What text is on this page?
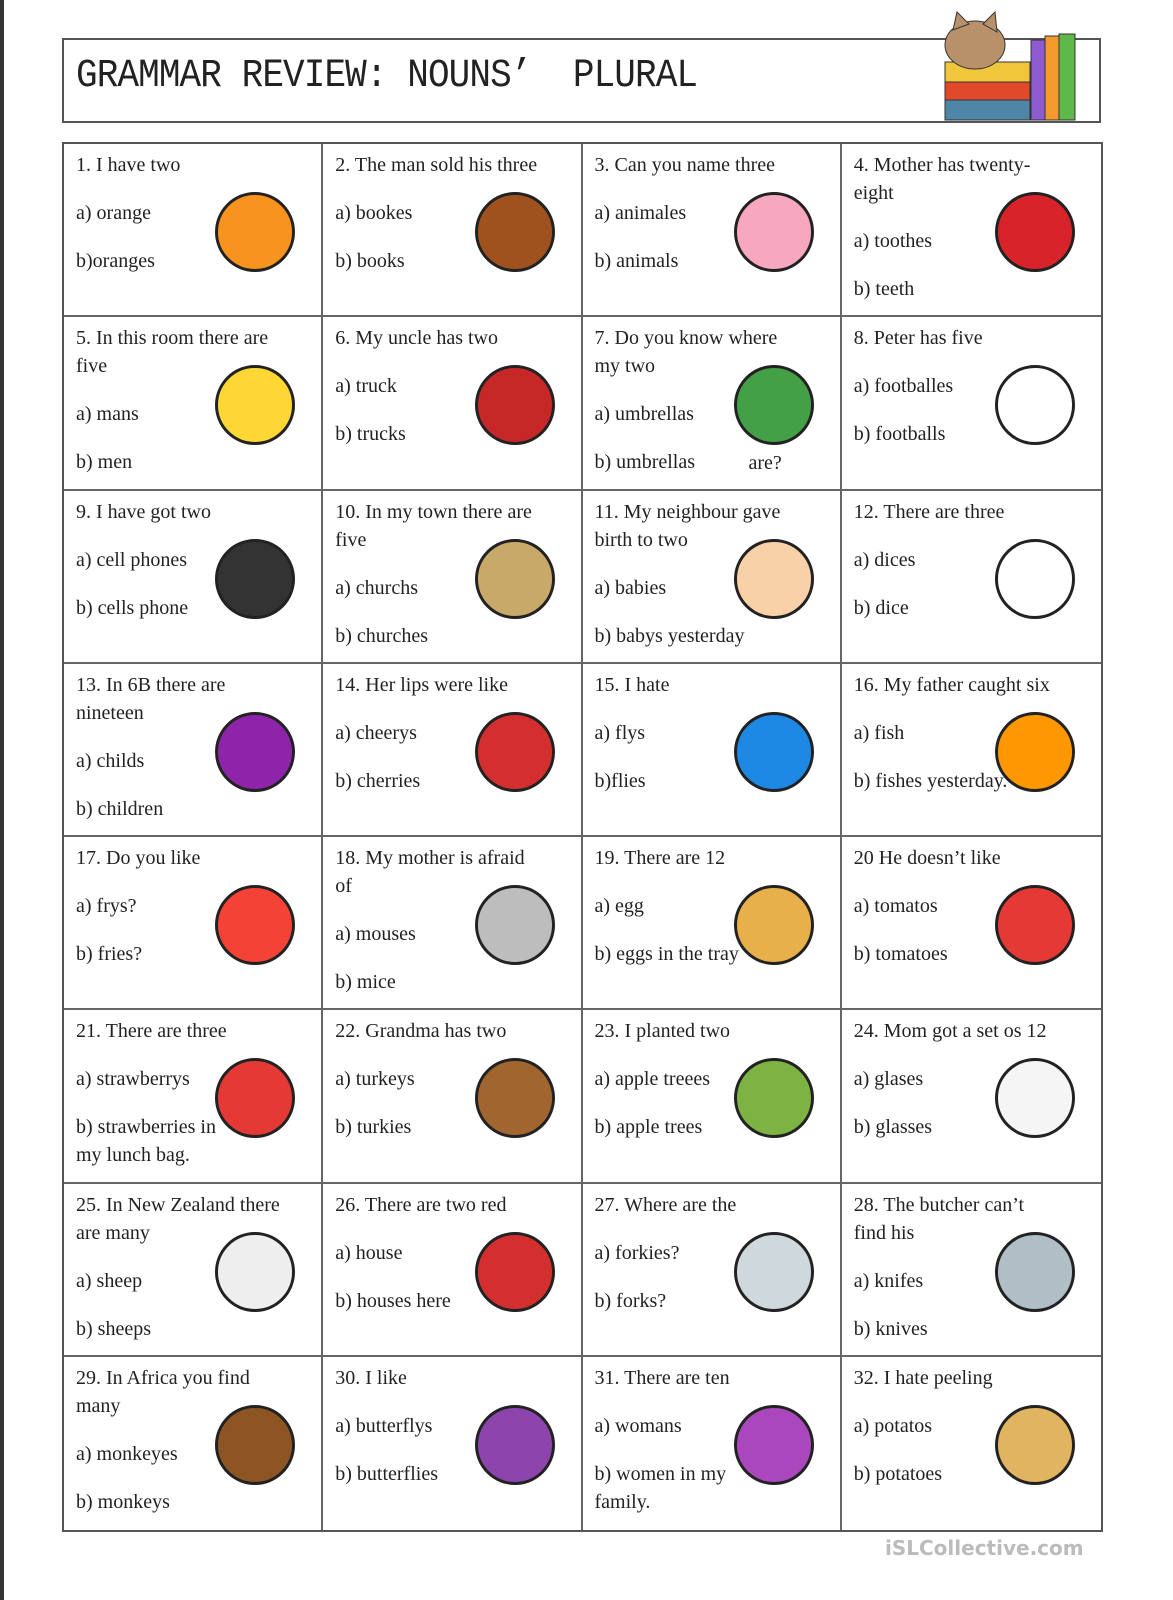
GRAMMAR REVIEW: NOUNS’  PLURAL
1. I have two
a) orange
b)oranges
2. The man sold his three
a) bookes
b) books
3. Can you name three
a) animales
b) animals
4. Mother has twenty-
eight
a) toothes
b) teeth
5. In this room there are
five
a) mans
b) men
6. My uncle has two
a) truck
b) trucks
7. Do you know where
my two
a) umbrellas
b) umbrellas	are?
8. Peter has five
a) footballes
b) footballs
9. I have got two
a) cell phones
b) cells phone
10. In my town there are
five
a) churchs
b) churches
11. My neighbour gave
birth to two
a) babies
b) babys yesterday
12. There are three
a) dices
b) dice
13. In 6B there are
nineteen
a) childs
b) children
14. Her lips were like
a) cheerys
b) cherries
15. I hate
a) flys
b)flies
16. My father caught six
a) fish
b) fishes yesterday.
17. Do you like
a) frys?
b) fries?
18. My mother is afraid
of
a) mouses
b) mice
19. There are 12
a) egg
b) eggs in the tray
20 He doesn’t like
a) tomatos
b) tomatoes
21. There are three
a) strawberrys
b) strawberries in
my lunch bag.
22. Grandma has two
a) turkeys
b) turkies
23. I planted two
a) apple treees
b) apple trees
24. Mom got a set os 12
a) glases
b) glasses
25. In New Zealand there
are many
a) sheep
b) sheeps
26. There are two red
a) house
b) houses here
27. Where are the
a) forkies?
b) forks?
28. The butcher can’t
find his
a) knifes
b) knives
29. In Africa you find
many
a) monkeyes
b) monkeys
30. I like
a) butterflys
b) butterflies
31. There are ten
a) womans
b) women in my
family.
32. I hate peeling
a) potatos
b) potatoes
iSLCollective.com
